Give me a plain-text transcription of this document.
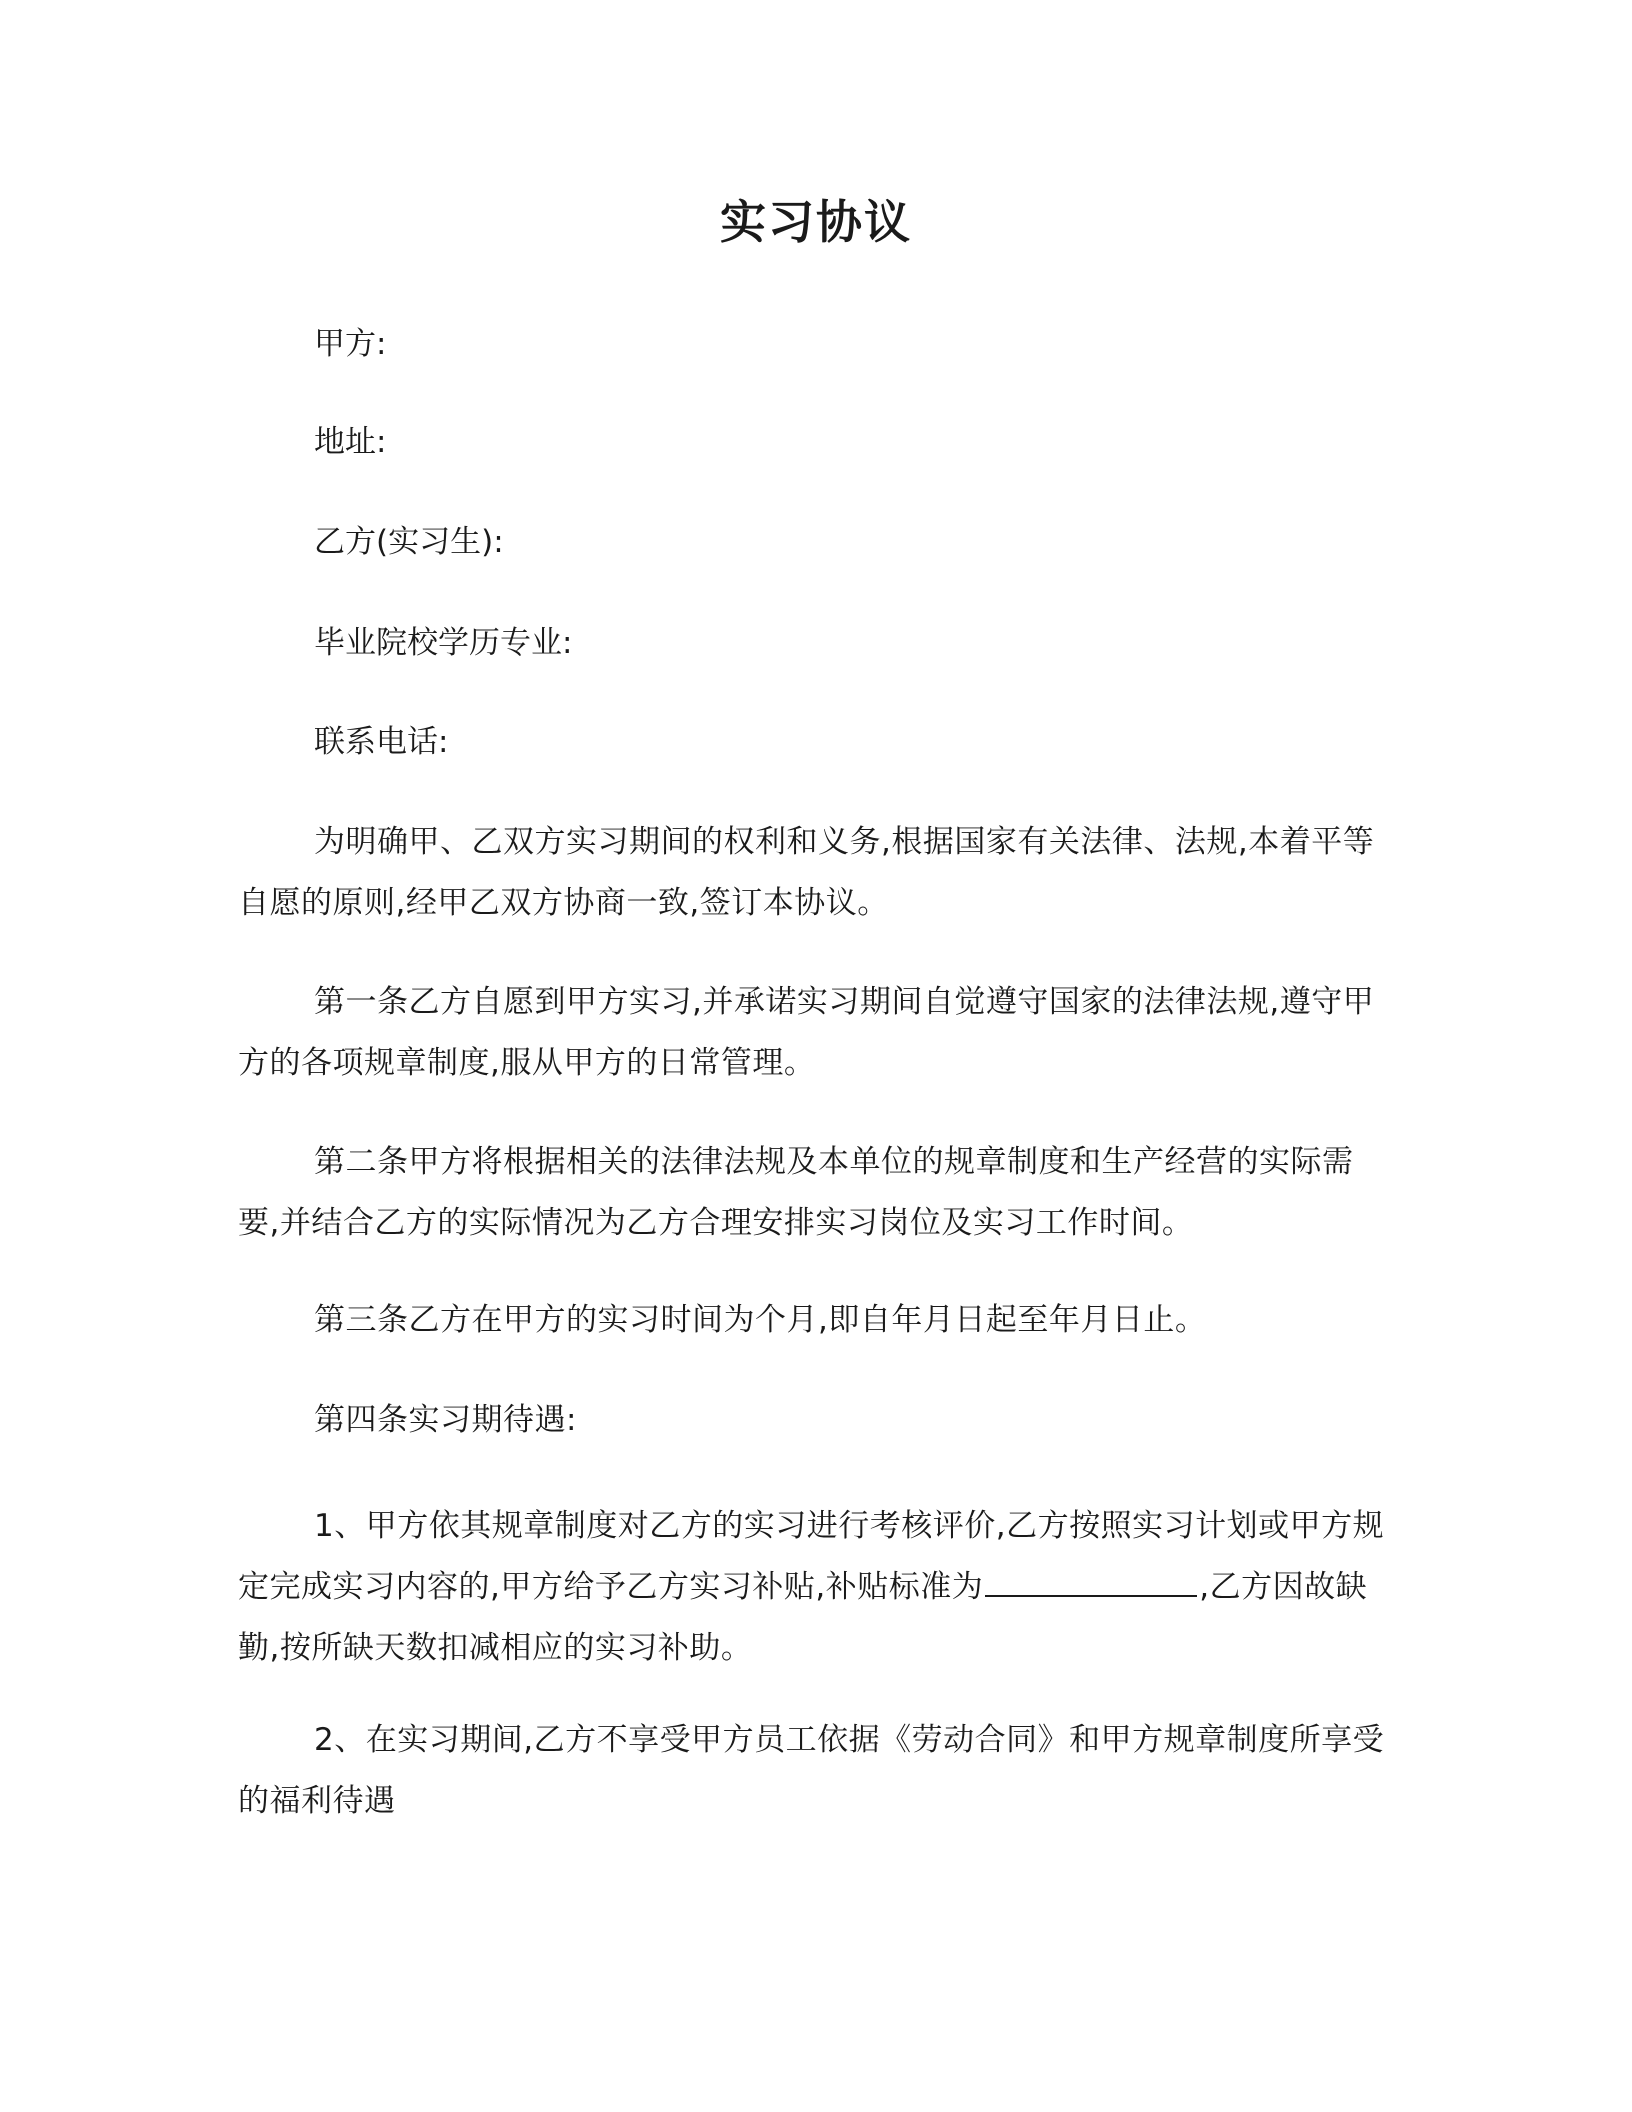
实习协议
甲方:
地址:
乙方(实习生):
毕业院校学历专业:
联系电话:
为明确甲、乙双方实习期间的权利和义务,根据国家有关法律、法规,本着平等自愿的原则,经甲乙双方协商一致,签订本协议。
第一条乙方自愿到甲方实习,并承诺实习期间自觉遵守国家的法律法规,遵守甲方的各项规章制度,服从甲方的日常管理。
第二条甲方将根据相关的法律法规及本单位的规章制度和生产经营的实际需要,并结合乙方的实际情况为乙方合理安排实习岗位及实习工作时间。
第三条乙方在甲方的实习时间为个月,即自年月日起至年月日止。
第四条实习期待遇:
1、甲方依其规章制度对乙方的实习进行考核评价,乙方按照实习计划或甲方规定完成实习内容的,甲方给予乙方实习补贴,补贴标准为	,乙方因故缺勤,按所缺天数扣减相应的实习补助。
2、在实习期间,乙方不享受甲方员工依据《劳动合同》和甲方规章制度所享受的福利待遇
